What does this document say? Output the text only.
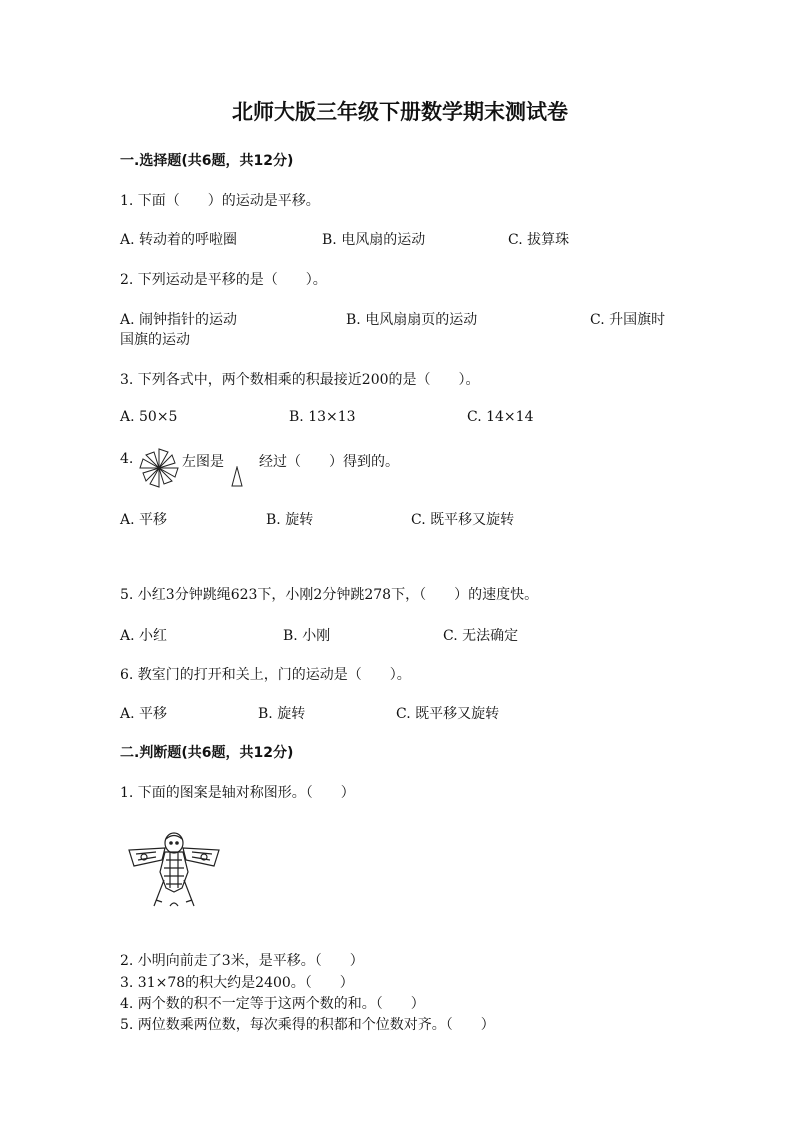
北师大版三年级下册数学期末测试卷
一.选择题(共6题，共12分)
1. 下面（　　）的运动是平移。
A. 转动着的呼啦圈	B. 电风扇的运动	C. 拔算珠
2. 下列运动是平移的是（　　）。
A. 闹钟指针的运动	B. 电风扇扇页的运动	C. 升国旗时
国旗的运动
3. 下列各式中，两个数相乘的积最接近200的是（　　）。
A. 50×5	B. 13×13	C. 14×14
4.	左图是	经过（　　）得到的。
A. 平移	B. 旋转	C. 既平移又旋转
5. 小红3分钟跳绳623下，小刚2分钟跳278下，（　　）的速度快。
A. 小红	B. 小刚	C. 无法确定
6. 教室门的打开和关上，门的运动是（　　）。
A. 平移	B. 旋转	C. 既平移又旋转
二.判断题(共6题，共12分)
1. 下面的图案是轴对称图形。（　　）
2. 小明向前走了3米，是平移。（　　）
3. 31×78的积大约是2400。（　　）
4. 两个数的积不一定等于这两个数的和。（　　）
5. 两位数乘两位数，每次乘得的积都和个位数对齐。（　　）
